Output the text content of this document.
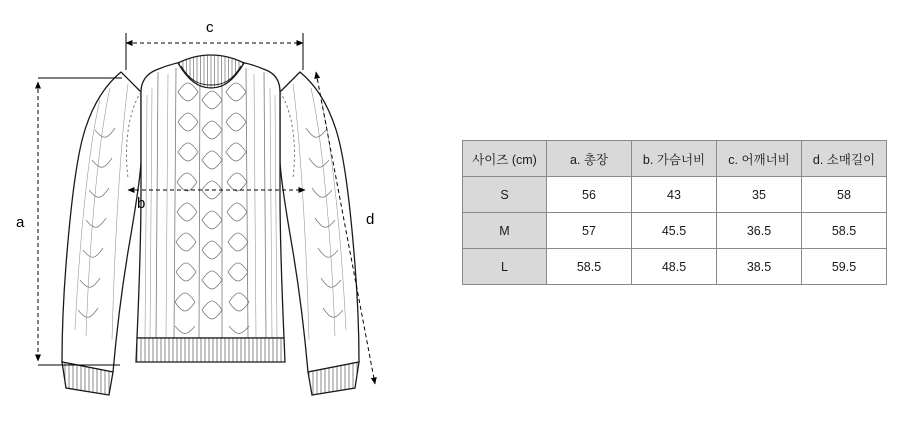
a
b
c
d
사이즈 (cm)	a. 총장	b. 가슴너비	c. 어깨너비	d. 소매길이
S	56	43	35	58
M	57	45.5	36.5	58.5
L	58.5	48.5	38.5	59.5
